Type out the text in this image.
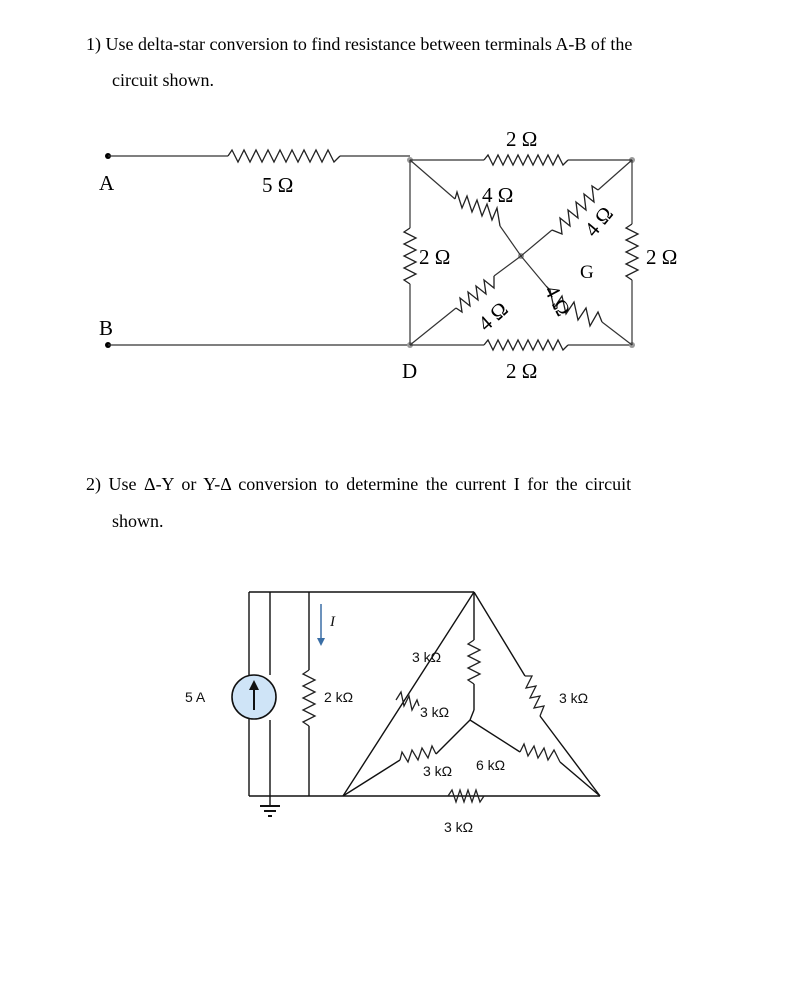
1) Use delta-star conversion to find resistance between terminals A-B of the
circuit shown.
A
B
D
G
5 Ω
2 Ω
4 Ω
2 Ω	2 Ω
2 Ω
4 Ω
4 Ω 4 Ω
I
5 A	2 kΩ
3 kΩ
3 kΩ
3 kΩ
3 kΩ 6 kΩ
3 kΩ
2) Use Δ-Y or Y-Δ conversion to determine the current I for the circuit
shown.
